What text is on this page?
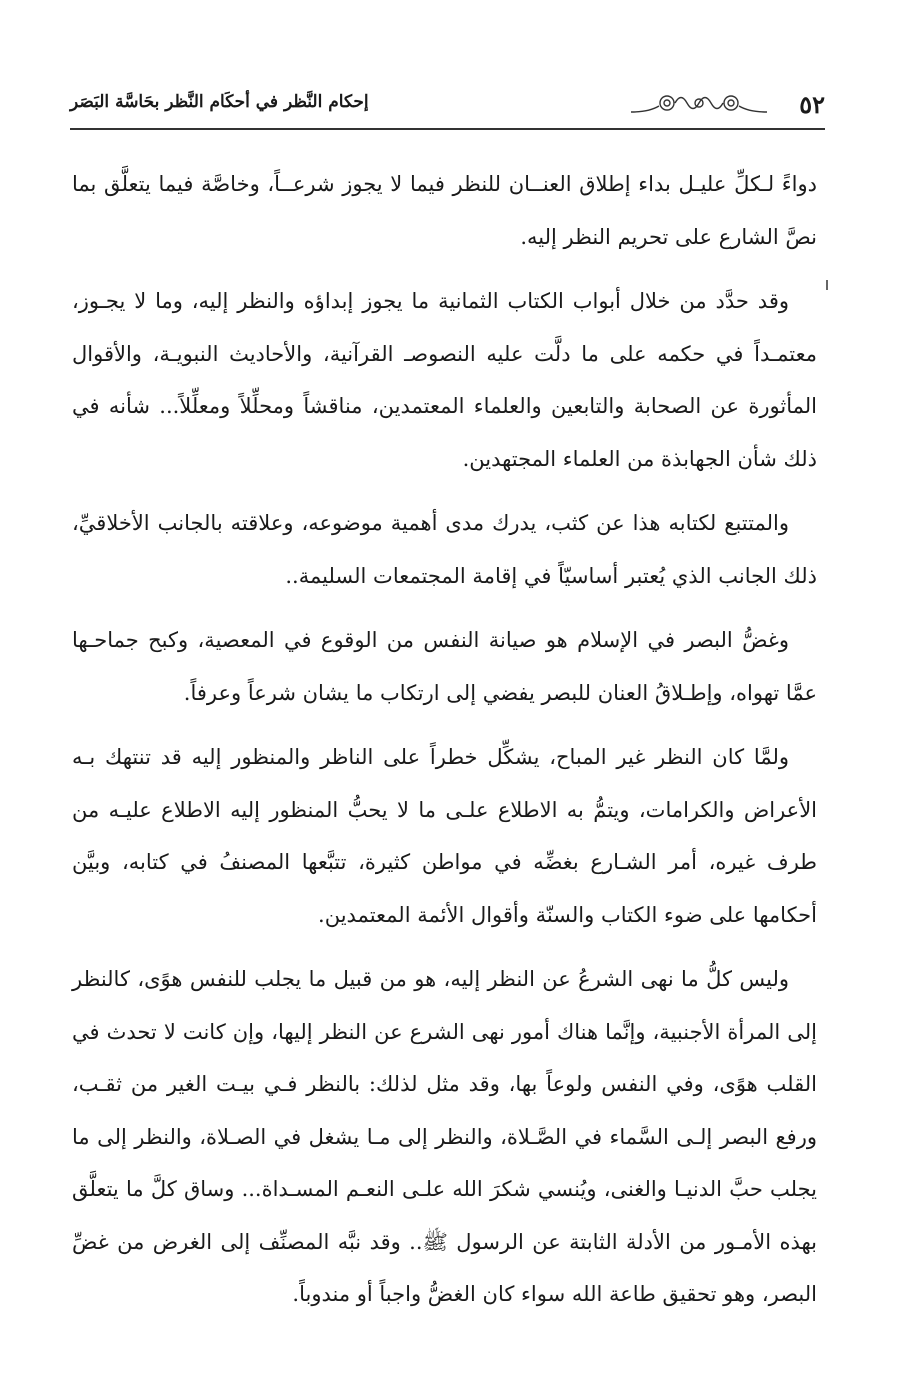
٥٢
إحكام النَّظر في أحكَام النَّظر بحَاسَّة البَصَر

دواءً لـكلِّ عليـل بداء إطلاق العنــان للنظر فيما لا يجوز شرعــاً، وخاصَّة فيما يتعلَّق بما نصَّ الشارع على تحريم النظر إليه.

وقد حدَّد من خلال أبواب الكتاب الثمانية ما يجوز إبداؤه والنظر إليه، وما لا يجـوز، معتمـداً في حكمه على ما دلَّت عليه النصوصـ القرآنية، والأحاديث النبويـة، والأقوال المأثورة عن الصحابة والتابعين والعلماء المعتمدين، مناقشاً ومحلِّلاً ومعلِّلاً... شأنه في ذلك شأن الجهابذة من العلماء المجتهدين.

والمتتبع لكتابه هذا عن كثب، يدرك مدى أهمية موضوعه، وعلاقته بالجانب الأخلاقيِّ، ذلك الجانب الذي يُعتبر أساسيّاً في إقامة المجتمعات السليمة..

وغضُّ البصر في الإسلام هو صيانة النفس من الوقوع في المعصية، وكبح جماحـها عمَّا تهواه، وإطـلاقُ العنان للبصر يفضي إلى ارتكاب ما يشان شرعاً وعرفاً.

ولمَّا كان النظر غير المباح، يشكِّل خطراً على الناظر والمنظور إليه قد تنتهك بـه الأعراض والكرامات، ويتمُّ به الاطلاع علـى ما لا يحبُّ المنظور إليه الاطلاع عليـه من طرف غيره، أمر الشـارع بغضِّه في مواطن كثيرة، تتبَّعها المصنفُ في كتابه، وبيَّن أحكامها على ضوء الكتاب والسنّة وأقوال الأئمة المعتمدين.

وليس كلُّ ما نهى الشرعُ عن النظر إليه، هو من قبيل ما يجلب للنفس هوًى، كالنظر إلى المرأة الأجنبية، وإنَّما هناك أمور نهى الشرع عن النظر إليها، وإن كانت لا تحدث في القلب هوًى، وفي النفس ولوعاً بها، وقد مثل لذلك: بالنظر فـي بيـت الغير من ثقـب، ورفع البصر إلـى السَّماء في الصَّـلاة، والنظر إلى مـا يشغل في الصـلاة، والنظر إلى ما يجلب حبَّ الدنيـا والغنى، ويُنسي شكرَ الله علـى النعـم المسـداة... وساق كلَّ ما يتعلَّق بهذه الأمـور من الأدلة الثابتة عن الرسول ﷺ.. وقد نبَّه المصنِّف إلى الغرض من غضِّ البصر، وهو تحقيق طاعة الله سواء كان الغضُّ واجباً أو مندوباً.
